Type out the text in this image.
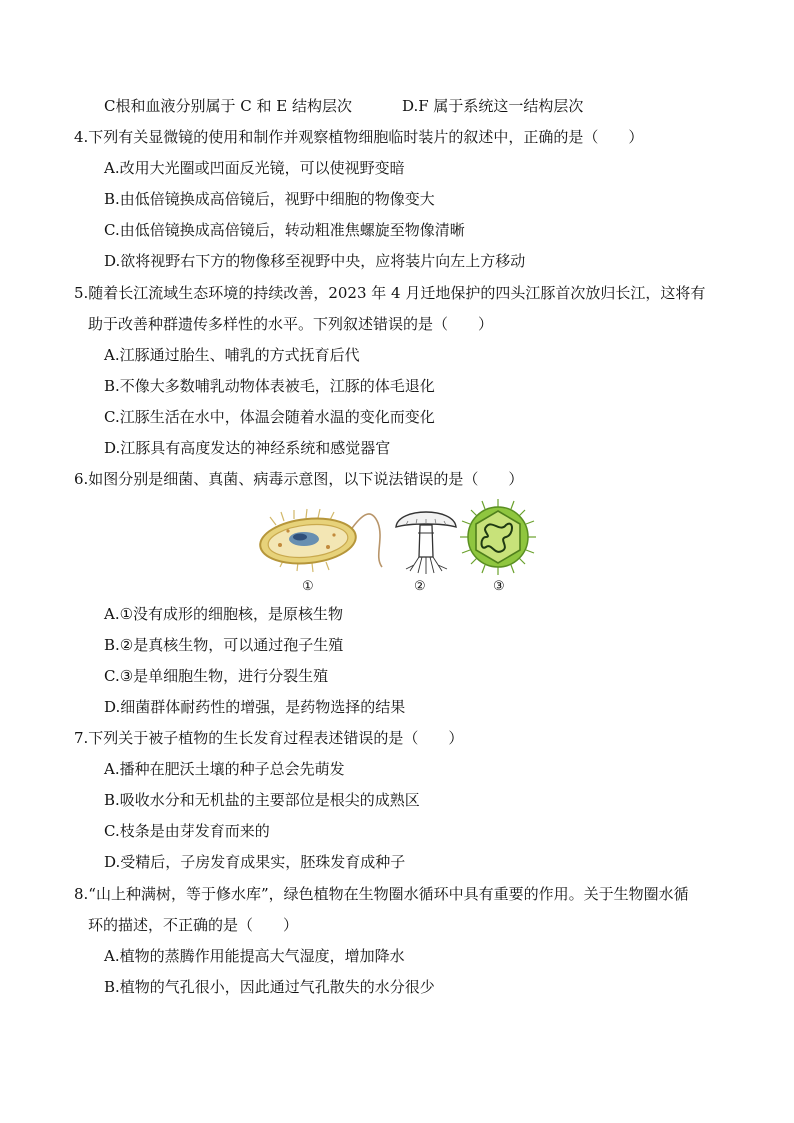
C根和血液分别属于 C 和 E 结构层次	D.F 属于系统这一结构层次
4.下列有关显微镜的使用和制作并观察植物细胞临时装片的叙述中，正确的是（　　）
A.改用大光圈或凹面反光镜，可以使视野变暗
B.由低倍镜换成高倍镜后，视野中细胞的物像变大
C.由低倍镜换成高倍镜后，转动粗准焦螺旋至物像清晰
D.欲将视野右下方的物像移至视野中央，应将装片向左上方移动
5.随着长江流域生态环境的持续改善，2023 年 4 月迁地保护的四头江豚首次放归长江，这将有
助于改善种群遗传多样性的水平。下列叙述错误的是（　　）
A.江豚通过胎生、哺乳的方式抚育后代
B.不像大多数哺乳动物体表被毛，江豚的体毛退化
C.江豚生活在水中，体温会随着水温的变化而变化
D.江豚具有高度发达的神经系统和感觉器官
6.如图分别是细菌、真菌、病毒示意图，以下说法错误的是（　　）
①	②	③
A.①没有成形的细胞核，是原核生物
B.②是真核生物，可以通过孢子生殖
C.③是单细胞生物，进行分裂生殖
D.细菌群体耐药性的增强，是药物选择的结果
7.下列关于被子植物的生长发育过程表述错误的是（　　）
A.播种在肥沃土壤的种子总会先萌发
B.吸收水分和无机盐的主要部位是根尖的成熟区
C.枝条是由芽发育而来的
D.受精后，子房发育成果实，胚珠发育成种子
8.“山上种满树，等于修水库”，绿色植物在生物圈水循环中具有重要的作用。关于生物圈水循
环的描述，不正确的是（　　）
A.植物的蒸腾作用能提高大气湿度，增加降水
B.植物的气孔很小，因此通过气孔散失的水分很少
